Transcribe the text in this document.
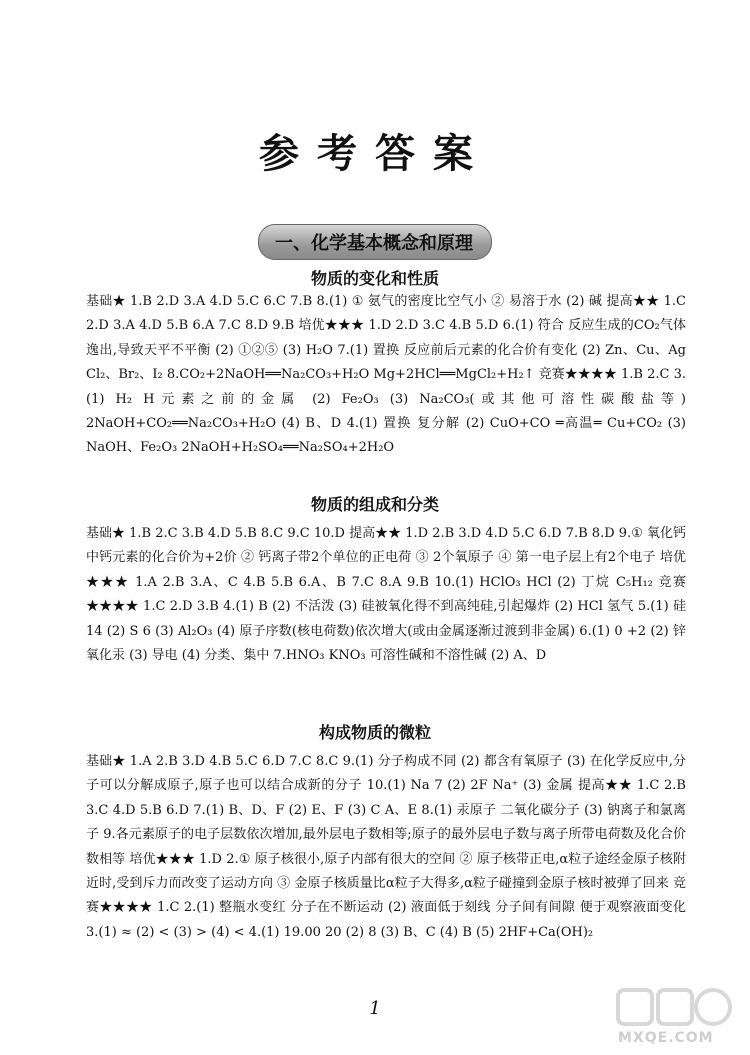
参考答案
一、化学基本概念和原理
物质的变化和性质
基础★ 1.B 2.D 3.A 4.D 5.C 6.C 7.B 8.(1) ① 氨气的密度比空气小 ② 易溶于水 (2) 碱 提高★★ 1.C 2.D 3.A 4.D 5.B 6.A 7.C 8.D 9.B 培优★★★ 1.D 2.D 3.C 4.B 5.D 6.(1) 符合 反应生成的CO₂气体逸出,导致天平不平衡 (2) ①②⑤ (3) H₂O 7.(1) 置换 反应前后元素的化合价有变化 (2) Zn、Cu、Ag Cl₂、Br₂、I₂ 8.CO₂+2NaOH══Na₂CO₃+H₂O Mg+2HCl══MgCl₂+H₂↑ 竞赛★★★★ 1.B 2.C 3.(1) H₂ H元素之前的金属 (2) Fe₂O₃ (3) Na₂CO₃(或其他可溶性碳酸盐等) 2NaOH+CO₂══Na₂CO₃+H₂O (4) B、D 4.(1) 置换 复分解 (2) CuO+CO ═高温═ Cu+CO₂ (3) NaOH、Fe₂O₃ 2NaOH+H₂SO₄══Na₂SO₄+2H₂O
物质的组成和分类
基础★ 1.B 2.C 3.B 4.D 5.B 8.C 9.C 10.D 提高★★ 1.D 2.B 3.D 4.D 5.C 6.D 7.B 8.D 9.① 氧化钙中钙元素的化合价为+2价 ② 钙离子带2个单位的正电荷 ③ 2个氧原子 ④ 第一电子层上有2个电子 培优★★★ 1.A 2.B 3.A、C 4.B 5.B 6.A、B 7.C 8.A 9.B 10.(1) HClO₃ HCl (2) 丁烷 C₅H₁₂ 竞赛★★★★ 1.C 2.D 3.B 4.(1) B (2) 不活泼 (3) 硅被氧化得不到高纯硅,引起爆炸 (2) HCl 氢气 5.(1) 硅 14 (2) S 6 (3) Al₂O₃ (4) 原子序数(核电荷数)依次增大(或由金属逐渐过渡到非金属) 6.(1) 0 +2 (2) 锌 氧化汞 (3) 导电 (4) 分类、集中 7.HNO₃ KNO₃ 可溶性碱和不溶性碱 (2) A、D
构成物质的微粒
基础★ 1.A 2.B 3.D 4.B 5.C 6.D 7.C 8.C 9.(1) 分子构成不同 (2) 都含有氧原子 (3) 在化学反应中,分子可以分解成原子,原子也可以结合成新的分子 10.(1) Na 7 (2) 2F Na⁺ (3) 金属 提高★★ 1.C 2.B 3.C 4.D 5.B 6.D 7.(1) B、D、F (2) E、F (3) C A、E 8.(1) 汞原子 二氧化碳分子 (3) 钠离子和氯离子 9.各元素原子的电子层数依次增加,最外层电子数相等;原子的最外层电子数与离子所带电荷数及化合价数相等 培优★★★ 1.D 2.① 原子核很小,原子内部有很大的空间 ② 原子核带正电,α粒子途经金原子核附近时,受到斥力而改变了运动方向 ③ 金原子核质量比α粒子大得多,α粒子碰撞到金原子核时被弹了回来 竞赛★★★★ 1.C 2.(1) 整瓶水变红 分子在不断运动 (2) 液面低于刻线 分子间有间隙 便于观察液面变化 3.(1) ≈ (2) < (3) > (4) < 4.(1) 19.00 20 (2) 8 (3) B、C (4) B (5) 2HF+Ca(OH)₂
1
MXQE.COM
